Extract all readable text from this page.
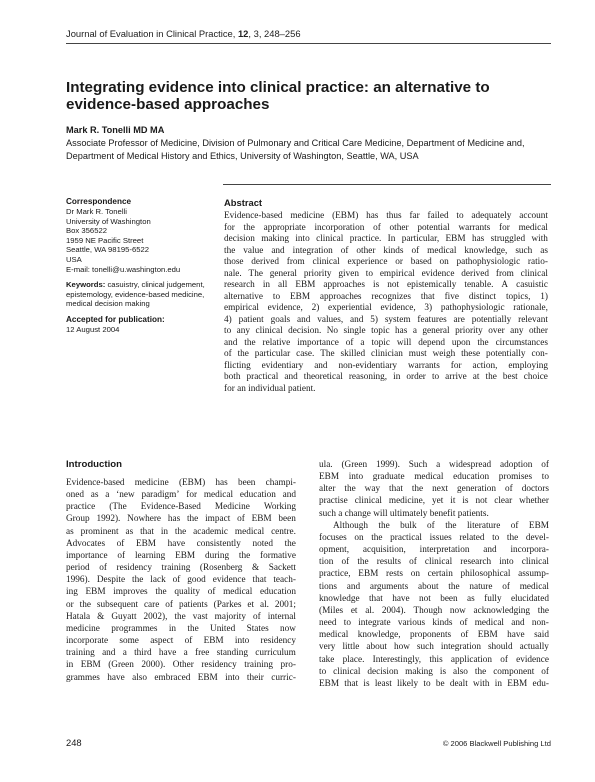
Journal of Evaluation in Clinical Practice, 12, 3, 248–256
Integrating evidence into clinical practice: an alternative to
evidence-based approaches
Mark R. Tonelli MD MA
Associate Professor of Medicine, Division of Pulmonary and Critical Care Medicine, Department of Medicine and,
Department of Medical History and Ethics, University of Washington, Seattle, WA, USA
Correspondence
Dr Mark R. Tonelli
University of Washington
Box 356522
1959 NE Pacific Street
Seattle, WA 98195-6522
USA
E-mail: tonelli@u.washington.edu
Keywords: casuistry, clinical judgement,
epistemology, evidence-based medicine,
medical decision making
Accepted for publication:
12 August 2004
Abstract
Evidence-based medicine (EBM) has thus far failed to adequately account
for the appropriate incorporation of other potential warrants for medical
decision making into clinical practice. In particular, EBM has struggled with
the value and integration of other kinds of medical knowledge, such as
those derived from clinical experience or based on pathophysiologic ratio-
nale. The general priority given to empirical evidence derived from clinical
research in all EBM approaches is not epistemically tenable. A casuistic
alternative to EBM approaches recognizes that five distinct topics, 1)
empirical evidence, 2) experiential evidence, 3) pathophysiologic rationale,
4) patient goals and values, and 5) system features are potentially relevant
to any clinical decision. No single topic has a general priority over any other
and the relative importance of a topic will depend upon the circumstances
of the particular case. The skilled clinician must weigh these potentially con-
flicting evidentiary and non-evidentiary warrants for action, employing
both practical and theoretical reasoning, in order to arrive at the best choice
for an individual patient.
Introduction
Evidence-based medicine (EBM) has been champi-
oned as a ‘new paradigm’ for medical education and
practice (The Evidence-Based Medicine Working
Group 1992). Nowhere has the impact of EBM been
as prominent as that in the academic medical centre.
Advocates of EBM have consistently noted the
importance of learning EBM during the formative
period of residency training (Rosenberg & Sackett
1996). Despite the lack of good evidence that teach-
ing EBM improves the quality of medical education
or the subsequent care of patients (Parkes et al. 2001;
Hatala & Guyatt 2002), the vast majority of internal
medicine programmes in the United States now
incorporate some aspect of EBM into residency
training and a third have a free standing curriculum
in EBM (Green 2000). Other residency training pro-
grammes have also embraced EBM into their curric-
ula. (Green 1999). Such a widespread adoption of
EBM into graduate medical education promises to
alter the way that the next generation of doctors
practise clinical medicine, yet it is not clear whether
such a change will ultimately benefit patients.
Although the bulk of the literature of EBM
focuses on the practical issues related to the devel-
opment, acquisition, interpretation and incorpora-
tion of the results of clinical research into clinical
practice, EBM rests on certain philosophical assump-
tions and arguments about the nature of medical
knowledge that have not been as fully elucidated
(Miles et al. 2004). Though now acknowledging the
need to integrate various kinds of medical and non-
medical knowledge, proponents of EBM have said
very little about how such integration should actually
take place. Interestingly, this application of evidence
to clinical decision making is also the component of
EBM that is least likely to be dealt with in EBM edu-
248	© 2006 Blackwell Publishing Ltd
